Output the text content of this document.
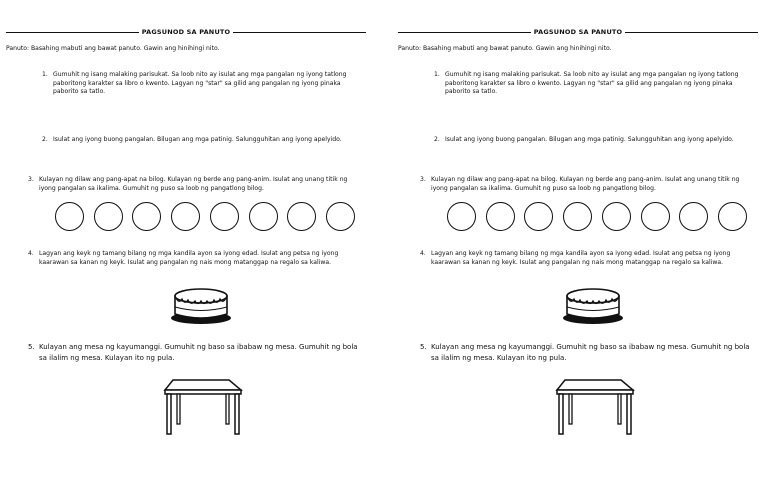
PAGSUNOD SA PANUTO
Panuto: Basahing mabuti ang bawat panuto. Gawin ang hinihingi nito.
1. Gumuhit ng isang malaking parisukat. Sa loob nito ay isulat ang mga pangalan ng iyong tatlong paboritong karakter sa libro o kwento. Lagyan ng "star" sa gilid ang pangalan ng iyong pinaka paborito sa tatlo.
2. Isulat ang iyong buong pangalan. Bilugan ang mga patinig. Salungguhitan ang iyong apelyido.
3. Kulayan ng dilaw ang pang-apat na bilog. Kulayan ng berde ang pang-anim. Isulat ang unang titik ng iyong pangalan sa ikalima. Gumuhit ng puso sa loob ng pangatlong bilog.
4. Lagyan ang keyk ng tamang bilang ng mga kandila ayon sa iyong edad. Isulat ang petsa ng iyong kaarawan sa kanan ng keyk. Isulat ang pangalan ng nais mong matanggap na regalo sa kaliwa.
5. Kulayan ang mesa ng kayumanggi. Gumuhit ng baso sa ibabaw ng mesa. Gumuhit ng bola sa ilalim ng mesa. Kulayan ito ng pula.
PAGSUNOD SA PANUTO
Panuto: Basahing mabuti ang bawat panuto. Gawin ang hinihingi nito.
1. Gumuhit ng isang malaking parisukat. Sa loob nito ay isulat ang mga pangalan ng iyong tatlong paboritong karakter sa libro o kwento. Lagyan ng "star" sa gilid ang pangalan ng iyong pinaka paborito sa tatlo.
2. Isulat ang iyong buong pangalan. Bilugan ang mga patinig. Salungguhitan ang iyong apelyido.
3. Kulayan ng dilaw ang pang-apat na bilog. Kulayan ng berde ang pang-anim. Isulat ang unang titik ng iyong pangalan sa ikalima. Gumuhit ng puso sa loob ng pangatlong bilog.
4. Lagyan ang keyk ng tamang bilang ng mga kandila ayon sa iyong edad. Isulat ang petsa ng iyong kaarawan sa kanan ng keyk. Isulat ang pangalan ng nais mong matanggap na regalo sa kaliwa.
5. Kulayan ang mesa ng kayumanggi. Gumuhit ng baso sa ibabaw ng mesa. Gumuhit ng bola sa ilalim ng mesa. Kulayan ito ng pula.
